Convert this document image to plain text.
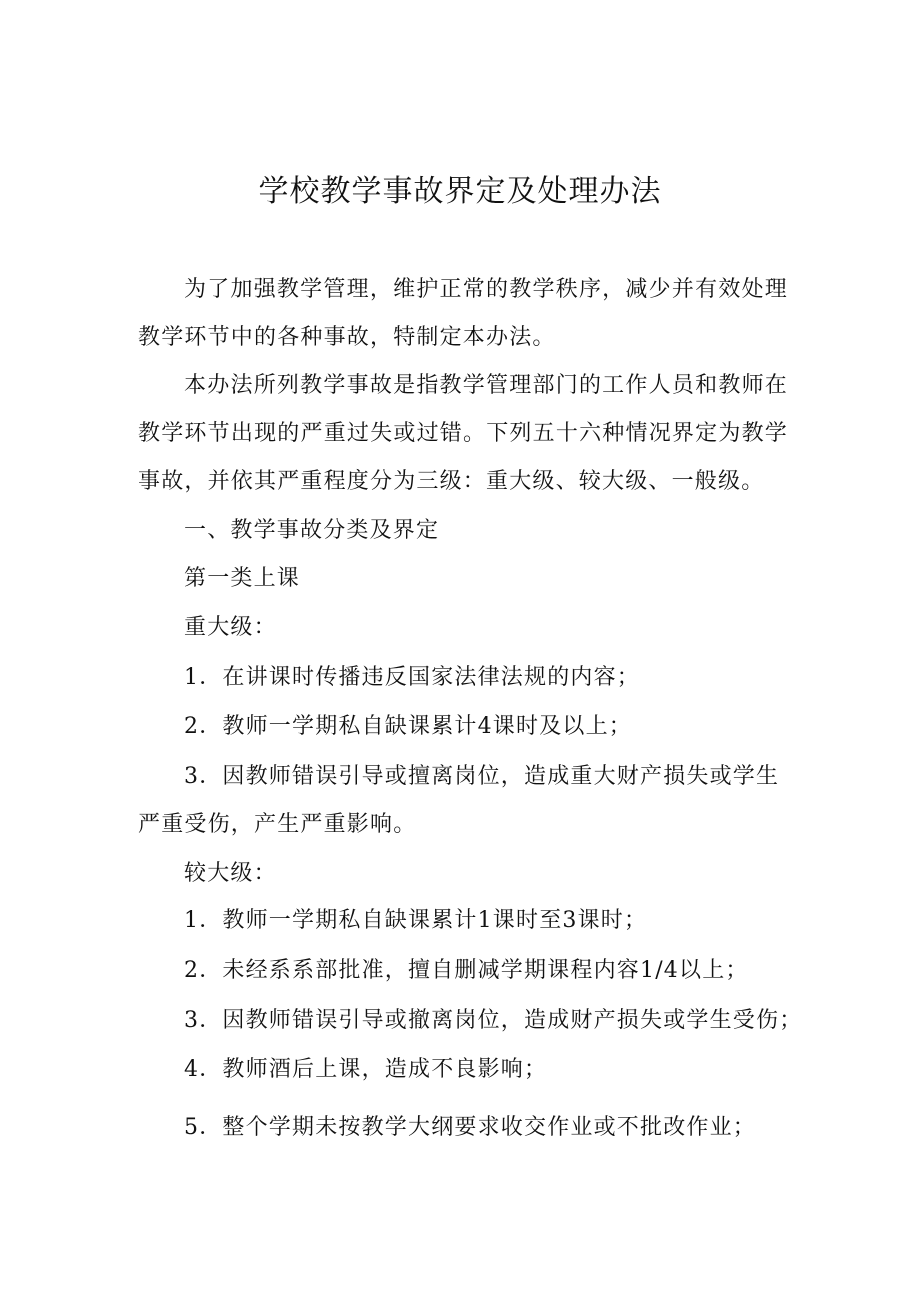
学校教学事故界定及处理办法
为了加强教学管理，维护正常的教学秩序，减少并有效处理教学环节中的各种事故，特制定本办法。
本办法所列教学事故是指教学管理部门的工作人员和教师在教学环节出现的严重过失或过错。下列五十六种情况界定为教学事故，并依其严重程度分为三级：重大级、较大级、一般级。
一、教学事故分类及界定
第一类上课
重大级：
1．在讲课时传播违反国家法律法规的内容；
2．教师一学期私自缺课累计4课时及以上；
3．因教师错误引导或擅离岗位，造成重大财产损失或学生
严重受伤，产生严重影响。
较大级：
1．教师一学期私自缺课累计1课时至3课时；
2．未经系系部批准，擅自删减学期课程内容1/4以上；
3．因教师错误引导或撤离岗位，造成财产损失或学生受伤；
4．教师酒后上课，造成不良影响；
5．整个学期未按教学大纲要求收交作业或不批改作业；
